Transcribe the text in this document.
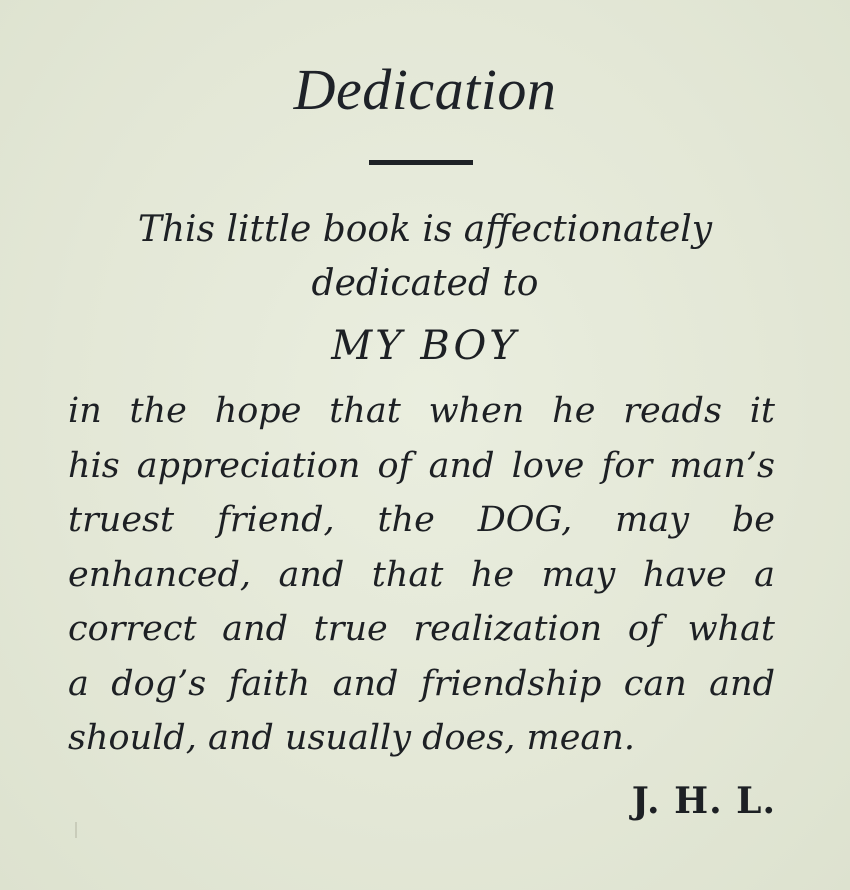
Dedication
This little book is affectionately
dedicated to
MY BOY
in the hope that when he reads it
his appreciation of and love for man’s
truest friend, the DOG, may be
enhanced, and that he may have a
correct and true realization of what
a dog’s faith and friendship can and
should, and usually does, mean.
J. H. L.
